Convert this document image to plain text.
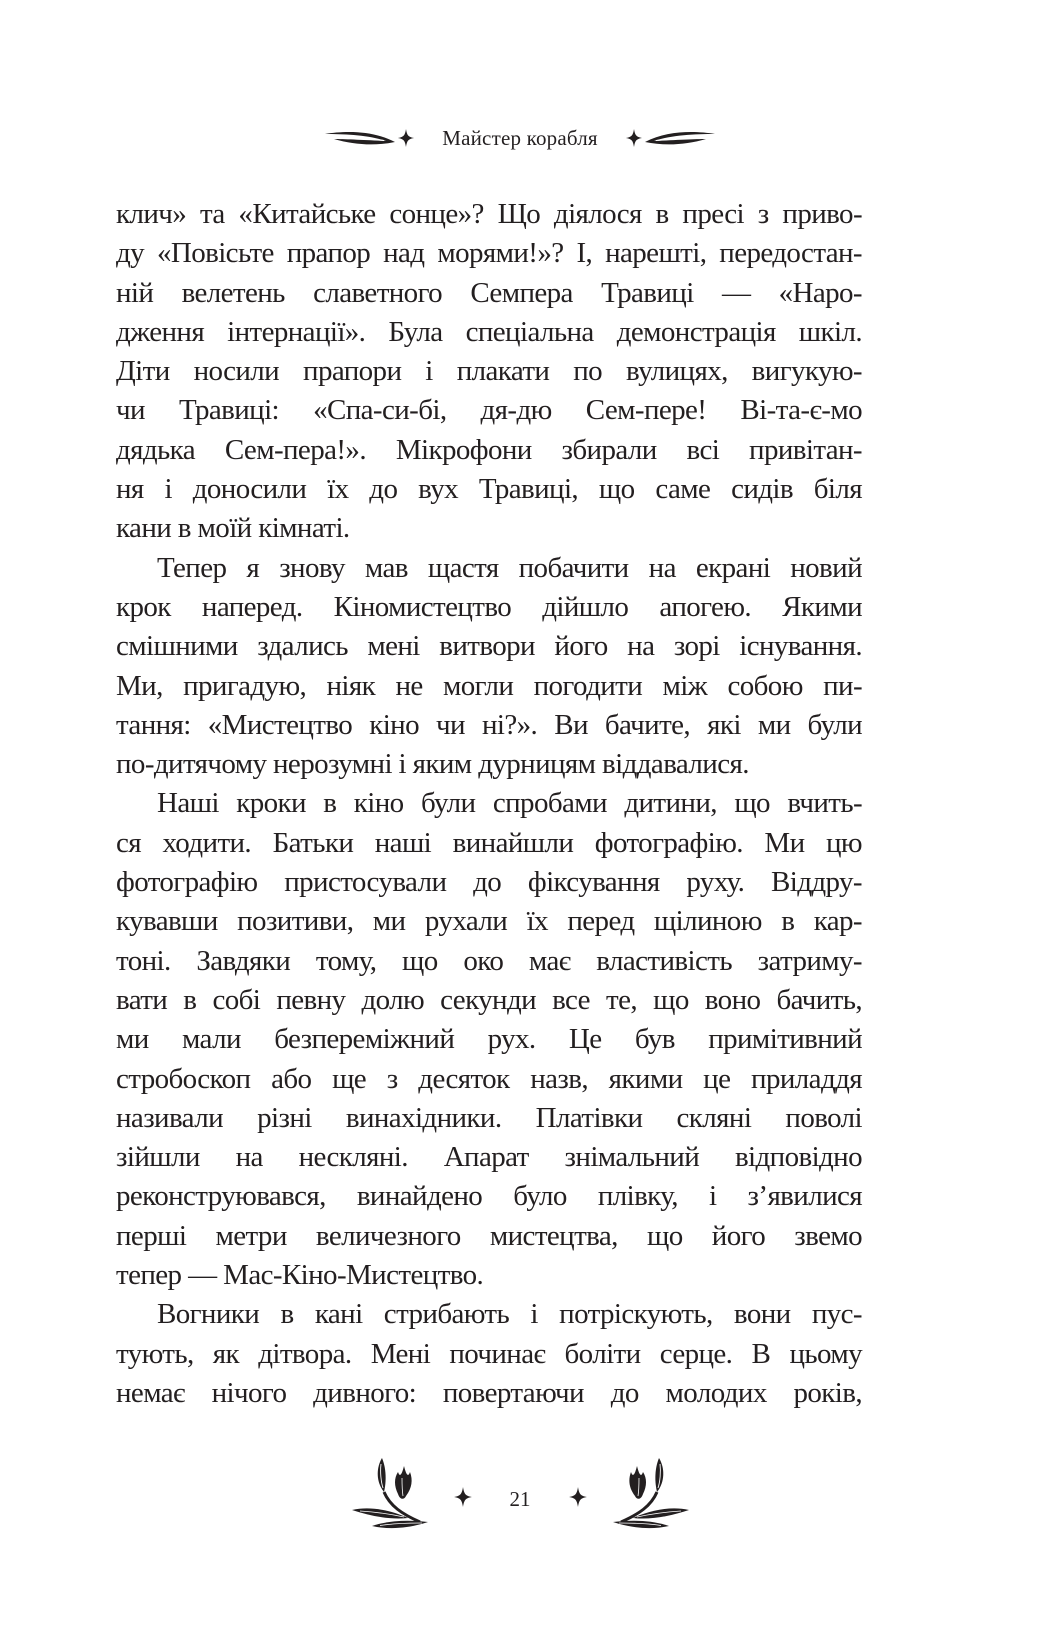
Майстер корабля
клич» та «Китайське сонце»? Що діялося в пресі з приво-
ду «Повісьте прапор над морями!»? І, нарешті, передостан-
ній велетень славетного Семпера Травиці — «Наро-
дження інтернації». Була спеціальна демонстрація шкіл.
Діти носили прапори і плакати по вулицях, вигукую-
чи Травиці: «Спа-си-бі, дя-дю Сем-пере! Ві-та-є-мо
дядька Сем-пера!». Мікрофони збирали всі привітан-
ня і доносили їх до вух Травиці, що саме сидів біля
кани в моїй кімнаті.
Тепер я знову мав щастя побачити на екрані новий
крок наперед. Кіномистецтво дійшло апогею. Якими
смішними здались мені витвори його на зорі існування.
Ми, пригадую, ніяк не могли погодити між собою пи-
тання: «Мистецтво кіно чи ні?». Ви бачите, які ми були
по-дитячому нерозумні і яким дурницям віддавалися.
Наші кроки в кіно були спробами дитини, що вчить-
ся ходити. Батьки наші винайшли фотографію. Ми цю
фотографію пристосували до фіксування руху. Віддру-
кувавши позитиви, ми рухали їх перед щілиною в кар-
тоні. Завдяки тому, що око має властивість затриму-
вати в собі певну долю секунди все те, що воно бачить,
ми мали безпереміжний рух. Це був примітивний
стробоскоп або ще з десяток назв, якими це приладдя
називали різні винахідники. Платівки скляні поволі
зійшли на нескляні. Апарат знімальний відповідно
реконструювався, винайдено було плівку, і з’явилися
перші метри величезного мистецтва, що його звемо
тепер — Мас-Кіно-Мистецтво.
Вогники в кані стрибають і потріскують, вони пус-
тують, як дітвора. Мені починає боліти серце. В цьому
немає нічого дивного: повертаючи до молодих років,
21
